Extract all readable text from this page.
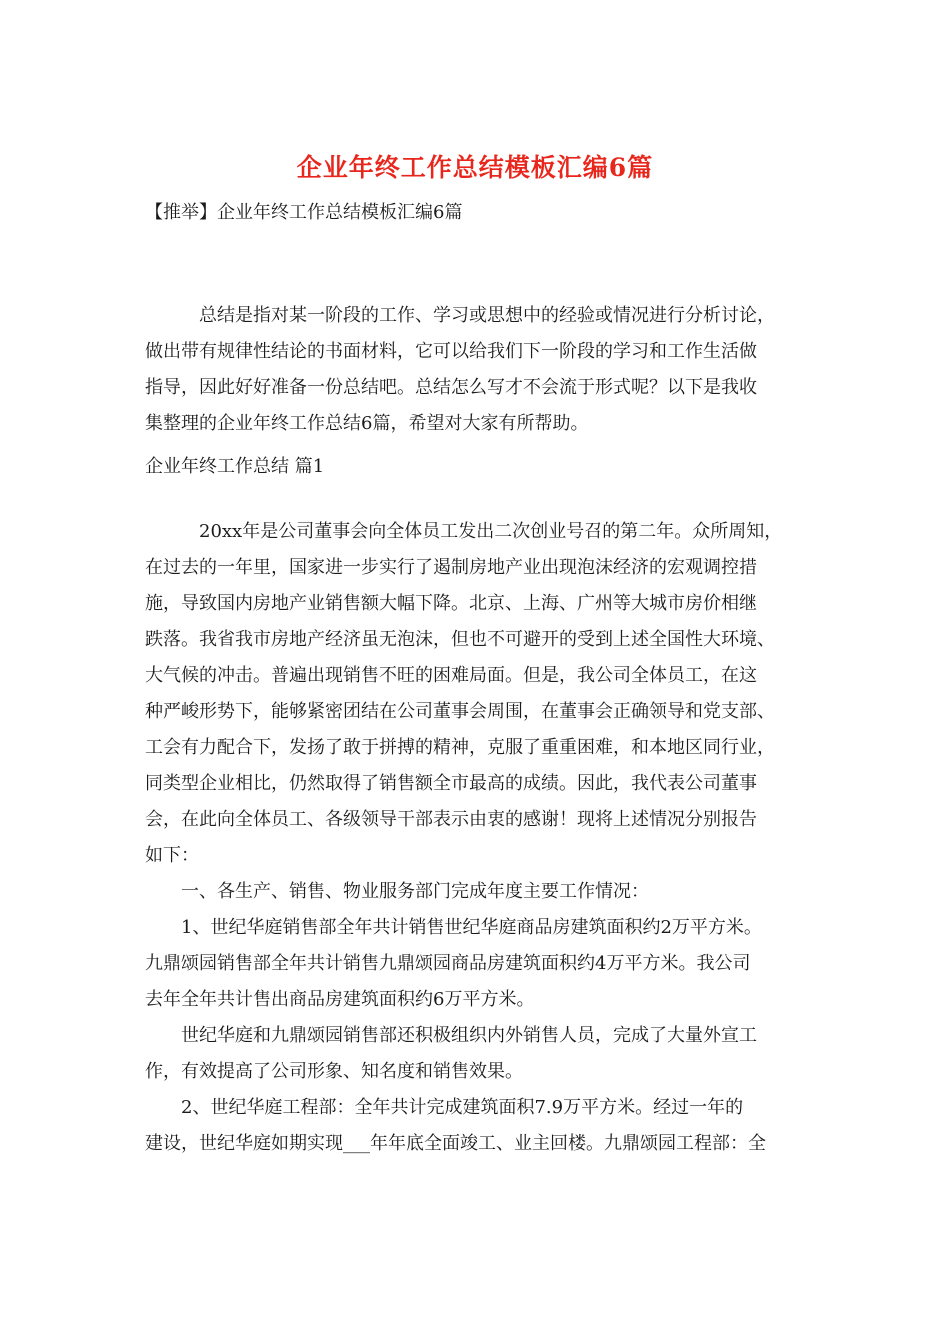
企业年终工作总结模板汇编6篇
【推举】企业年终工作总结模板汇编6篇
　　　总结是指对某一阶段的工作、学习或思想中的经验或情况进行分析讨论，
做出带有规律性结论的书面材料，它可以给我们下一阶段的学习和工作生活做
指导，因此好好准备一份总结吧。总结怎么写才不会流于形式呢？以下是我收
集整理的企业年终工作总结6篇，希望对大家有所帮助。
企业年终工作总结 篇1
　　　20xx年是公司董事会向全体员工发出二次创业号召的第二年。众所周知，
在过去的一年里，国家进一步实行了遏制房地产业出现泡沫经济的宏观调控措
施，导致国内房地产业销售额大幅下降。北京、上海、广州等大城市房价相继
跌落。我省我市房地产经济虽无泡沫，但也不可避开的受到上述全国性大环境、
大气候的冲击。普遍出现销售不旺的困难局面。但是，我公司全体员工，在这
种严峻形势下，能够紧密团结在公司董事会周围，在董事会正确领导和党支部、
工会有力配合下，发扬了敢于拼搏的精神，克服了重重困难，和本地区同行业，
同类型企业相比，仍然取得了销售额全市最高的成绩。因此，我代表公司董事
会，在此向全体员工、各级领导干部表示由衷的感谢！现将上述情况分别报告
如下：
　　一、各生产、销售、物业服务部门完成年度主要工作情况：
　　1、世纪华庭销售部全年共计销售世纪华庭商品房建筑面积约2万平方米。
九鼎颂园销售部全年共计销售九鼎颂园商品房建筑面积约4万平方米。我公司
去年全年共计售出商品房建筑面积约6万平方米。
　　世纪华庭和九鼎颂园销售部还积极组织内外销售人员，完成了大量外宣工
作，有效提高了公司形象、知名度和销售效果。
　　2、世纪华庭工程部：全年共计完成建筑面积7.9万平方米。经过一年的
建设，世纪华庭如期实现___年年底全面竣工、业主回楼。九鼎颂园工程部：全
